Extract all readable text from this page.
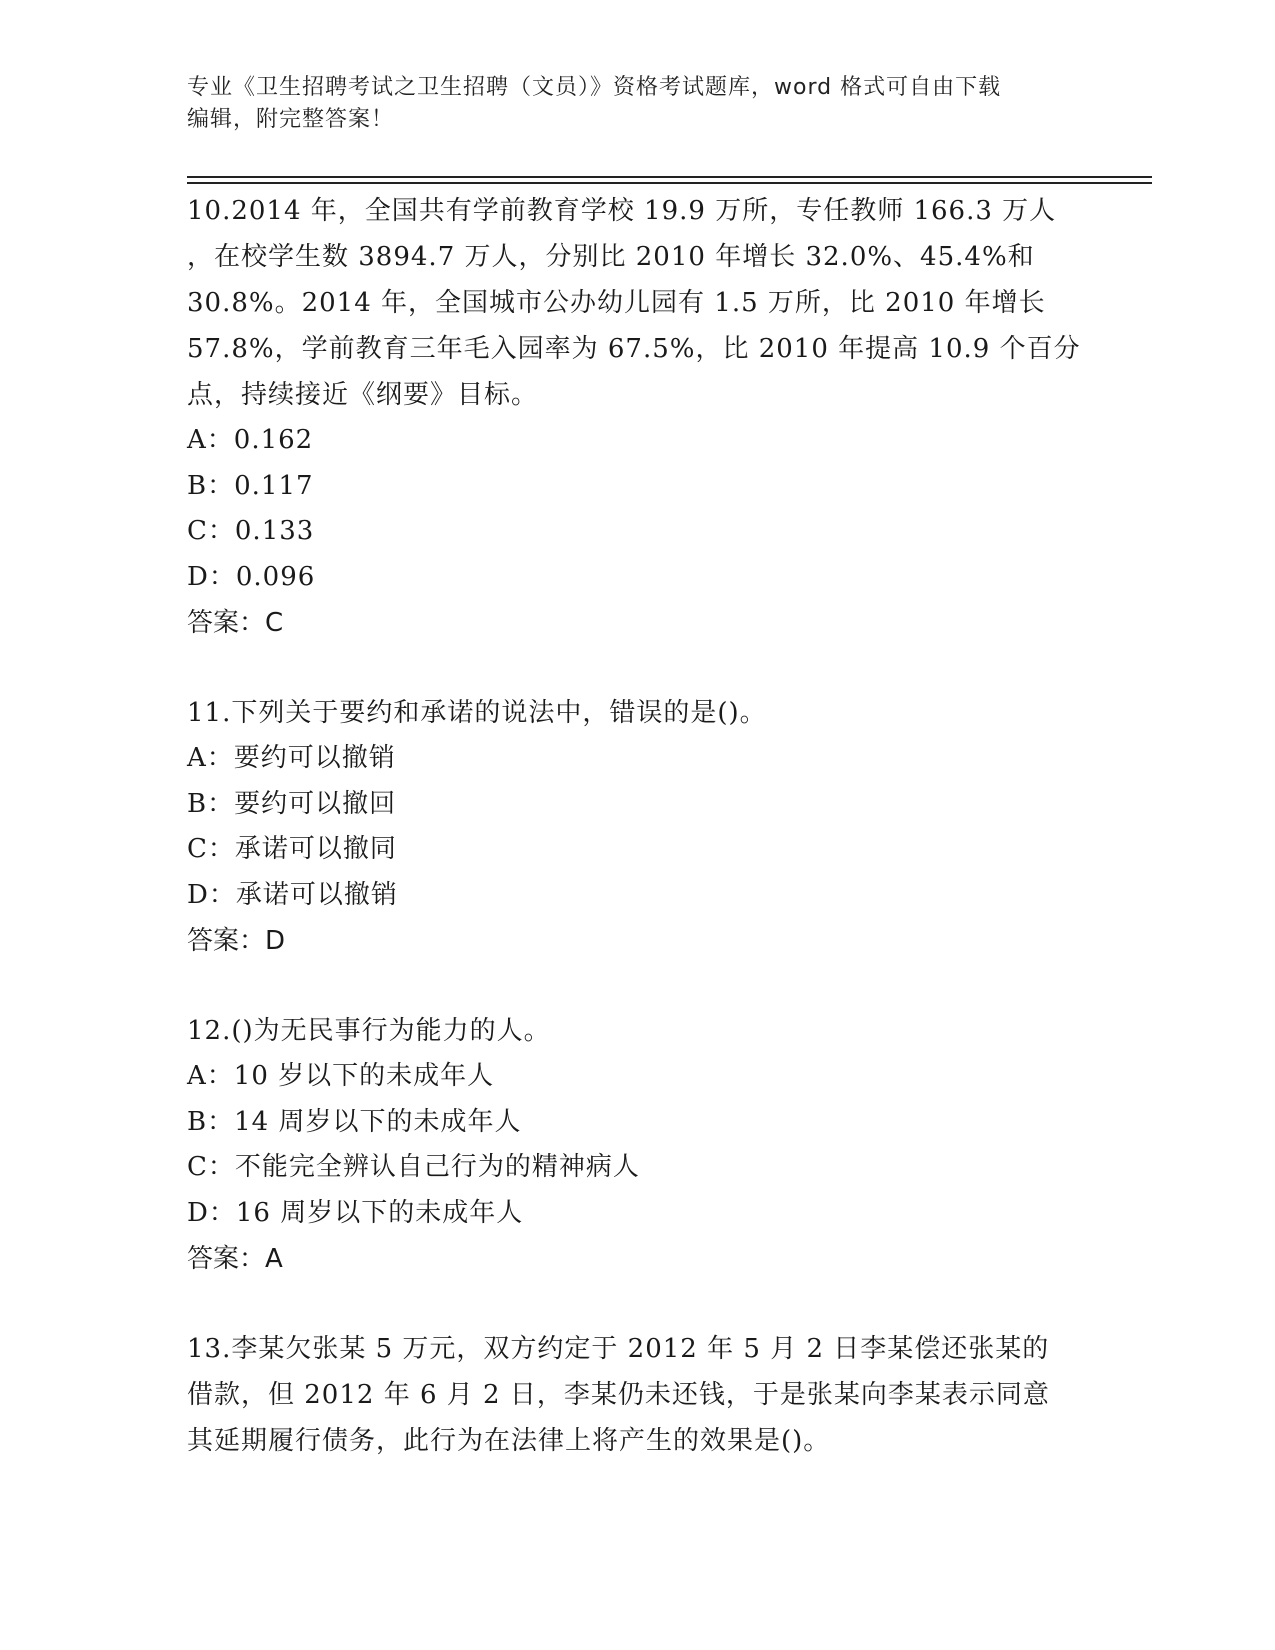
专业《卫生招聘考试之卫生招聘（文员）》资格考试题库，word 格式可自由下载
编辑，附完整答案！

10.2014 年，全国共有学前教育学校 19.9 万所，专任教师 166.3 万人

，在校学生数 3894.7 万人，分别比 2010 年增长 32.0%、45.4%和

30.8%。2014 年，全国城市公办幼儿园有 1.5 万所，比 2010 年增长

57.8%，学前教育三年毛入园率为 67.5%，比 2010 年提高 10.9 个百分

点，持续接近《纲要》目标。

A：0.162

B：0.117

C：0.133

D：0.096

答案：C

11.下列关于要约和承诺的说法中，错误的是()。

A：要约可以撤销

B：要约可以撤回

C：承诺可以撤同

D：承诺可以撤销

答案：D

12.()为无民事行为能力的人。

A：10 岁以下的未成年人

B：14 周岁以下的未成年人

C：不能完全辨认自己行为的精神病人

D：16 周岁以下的未成年人

答案：A

13.李某欠张某 5 万元，双方约定于 2012 年 5 月 2 日李某偿还张某的

借款，但 2012 年 6 月 2 日，李某仍未还钱，于是张某向李某表示同意

其延期履行债务，此行为在法律上将产生的效果是()。
